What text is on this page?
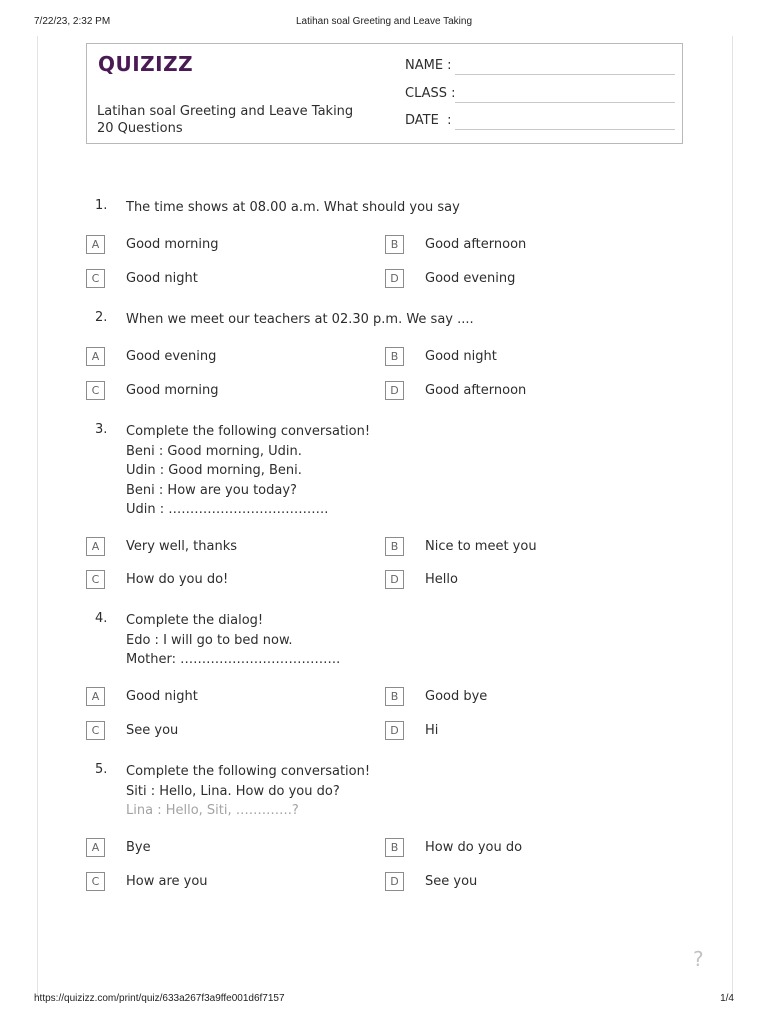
7/22/23, 2:32 PM	Latihan soal Greeting and Leave Taking
QUIZIZZ
Latihan soal Greeting and Leave Taking
20 Questions
NAME :
CLASS :
DATE  :
1. The time shows at 08.00 a.m. What should you say
A	Good morning	B	Good afternoon
C	Good night	D	Good evening
2. When we meet our teachers at 02.30 p.m. We say ....
A	Good evening	B	Good night
C	Good morning	D	Good afternoon
3. Complete the following conversation!
Beni : Good morning, Udin.
Udin : Good morning, Beni.
Beni : How are you today?
Udin : ……………………………….
A	Very well, thanks	B	Nice to meet you
C	How do you do!	D	Hello
4. Complete the dialog!
Edo : I will go to bed now.
Mother: ……………………………….
A	Good night	B	Good bye
C	See you	D	Hi
5. Complete the following conversation!
Siti : Hello, Lina. How do you do?
Lina : Hello, Siti, ………….?
A	Bye	B	How do you do
C	How are you	D	See you
?
https://quizizz.com/print/quiz/633a267f3a9ffe001d6f7157	1/4
